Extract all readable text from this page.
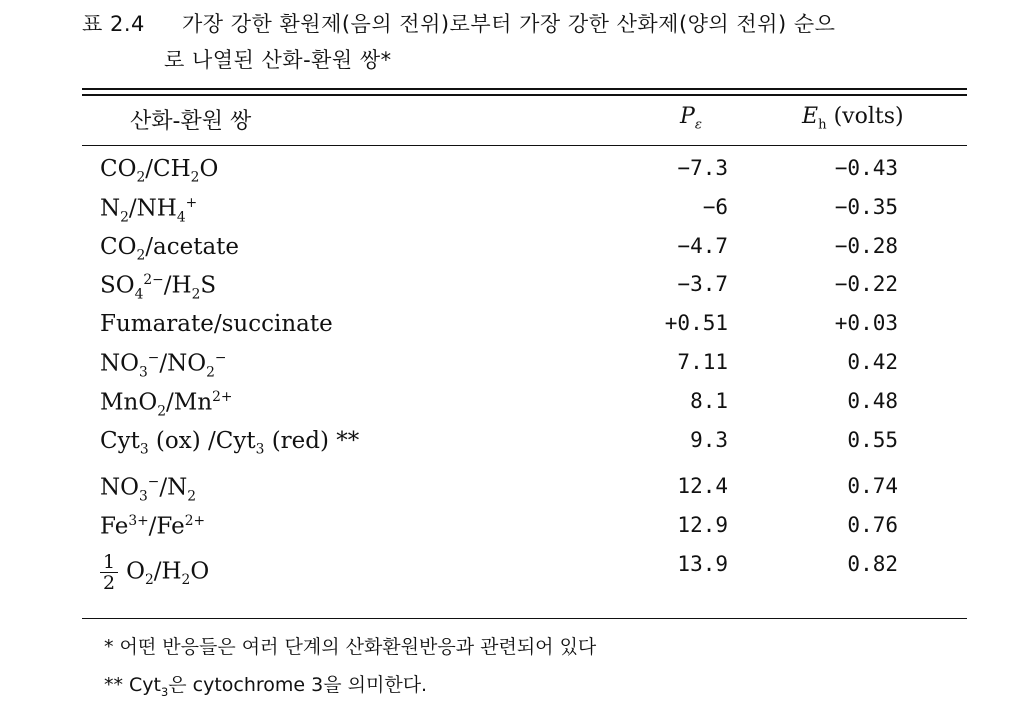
표 2.4 가장 강한 환원제(음의 전위)로부터 가장 강한 산화제(양의 전위) 순으
로 나열된 산화-환원 쌍*
산화-환원 쌍	$P_\varepsilon$	$E_h$ (volts)
$CO_2/CH_2O$	−7.3	−0.43
$N_2/NH_4^+$	−6	−0.35
$CO_2$/acetate	−4.7	−0.28
$SO_4^{2-}/H_2S$	−3.7	−0.22
Fumarate/succinate	+0.51	+0.03
$NO_3^-/NO_2^-$	7.11	0.42
$MnO_2/Mn^{2+}$	8.1	0.48
Cyt$_3$ (ox) /Cyt$_3$ (red) **	9.3	0.55
$NO_3^-/N_2$	12.4	0.74
$Fe^{3+}/Fe^{2+}$	12.9	0.76
$\frac{1}{2} O_2/H_2O$	13.9	0.82
* 어떤 반응들은 여러 단계의 산화환원반응과 관련되어 있다
** Cyt$_3$은 cytochrome 3을 의미한다.
